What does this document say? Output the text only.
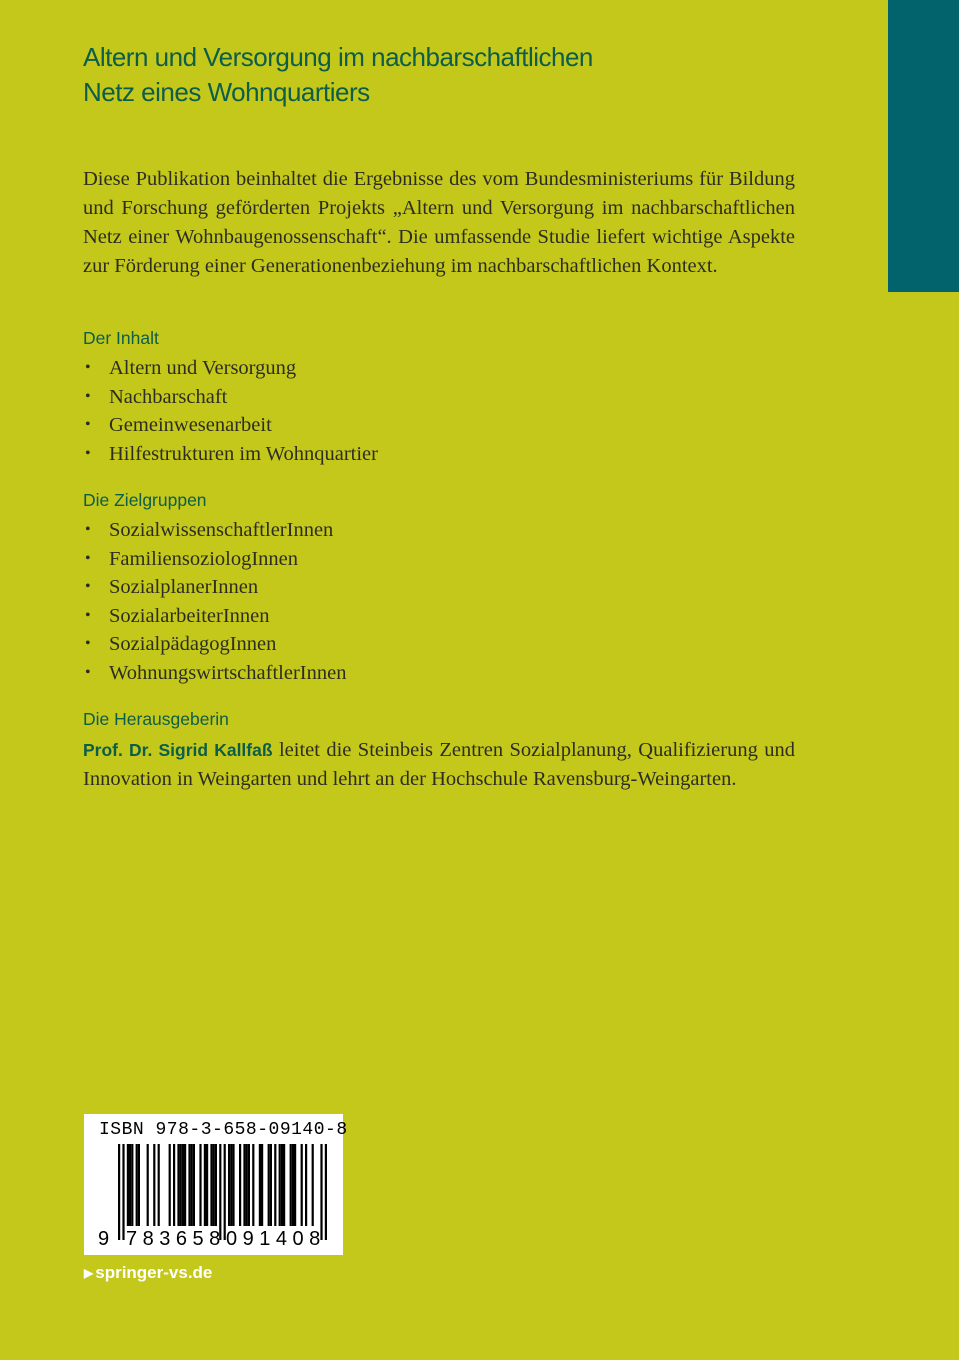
Altern und Versorgung im nachbarschaftlichen
Netz eines Wohnquartiers
Diese Publikation beinhaltet die Ergebnisse des vom Bundesministeriums für Bildung und Forschung geförderten Projekts „Altern und Versorgung im nachbarschaftlichen Netz einer Wohnbaugenossenschaft“. Die umfassende Studie liefert wichtige Aspekte zur Förderung einer Generationenbeziehung im nachbarschaftlichen Kontext.
Der Inhalt
• Altern und Versorgung
• Nachbarschaft
• Gemeinwesenarbeit
• Hilfestrukturen im Wohnquartier
Die Zielgruppen
• SozialwissenschaftlerInnen
• FamiliensoziologInnen
• SozialplanerInnen
• SozialarbeiterInnen
• SozialpädagogInnen
• WohnungswirtschaftlerInnen
Die Herausgeberin
Prof. Dr. Sigrid Kallfaß leitet die Steinbeis Zentren Sozialplanung, Qualifizierung und Innovation in Weingarten und lehrt an der Hochschule Ravensburg-Weingarten.
ISBN 978-3-658-09140-8
9 783658 091408
▶ springer-vs.de
